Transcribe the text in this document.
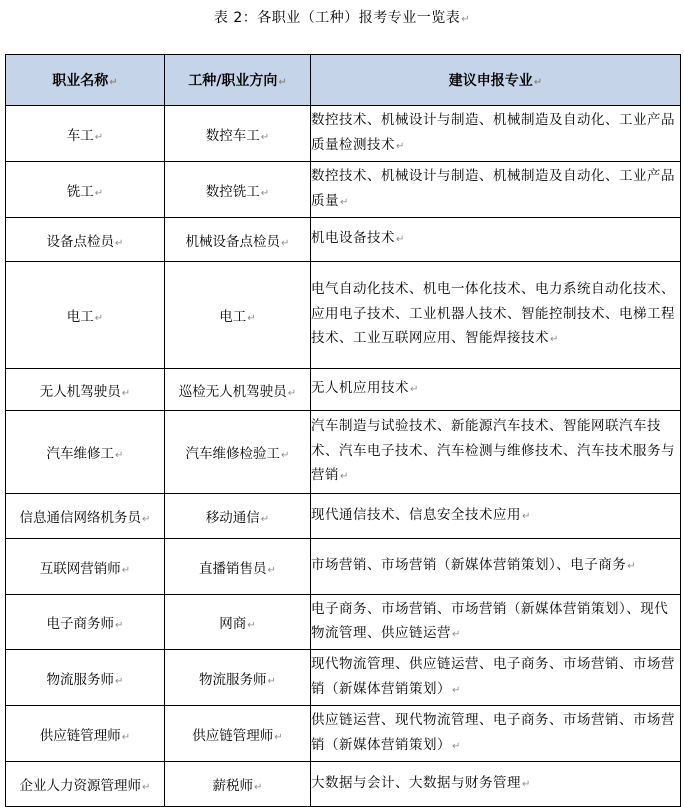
表 2：各职业（工种）报考专业一览表↵
职业名称↵	工种/职业方向↵	建议申报专业↵
车工↵	数控车工↵	数控技术、机械设计与制造、机械制造及自动化、工业产品质量检测技术↵
铣工↵	数控铣工↵	数控技术、机械设计与制造、机械制造及自动化、工业产品质量↵
设备点检员↵	机械设备点检员↵	机电设备技术↵
电工↵	电工↵	电气自动化技术、机电一体化技术、电力系统自动化技术、应用电子技术、工业机器人技术、智能控制技术、电梯工程技术、工业互联网应用、智能焊接技术↵
无人机驾驶员↵	巡检无人机驾驶员↵	无人机应用技术↵
汽车维修工↵	汽车维修检验工↵	汽车制造与试验技术、新能源汽车技术、智能网联汽车技术、汽车电子技术、汽车检测与维修技术、汽车技术服务与营销↵
信息通信网络机务员↵	移动通信↵	现代通信技术、信息安全技术应用↵
互联网营销师↵	直播销售员↵	市场营销、市场营销（新媒体营销策划）、电子商务↵
电子商务师↵	网商↵	电子商务、市场营销、市场营销（新媒体营销策划）、现代物流管理、供应链运营↵
物流服务师↵	物流服务师↵	现代物流管理、供应链运营、电子商务、市场营销、市场营销（新媒体营销策划）↵
供应链管理师↵	供应链管理师↵	供应链运营、现代物流管理、电子商务、市场营销、市场营销（新媒体营销策划）↵
企业人力资源管理师↵	薪税师↵	大数据与会计、大数据与财务管理↵
